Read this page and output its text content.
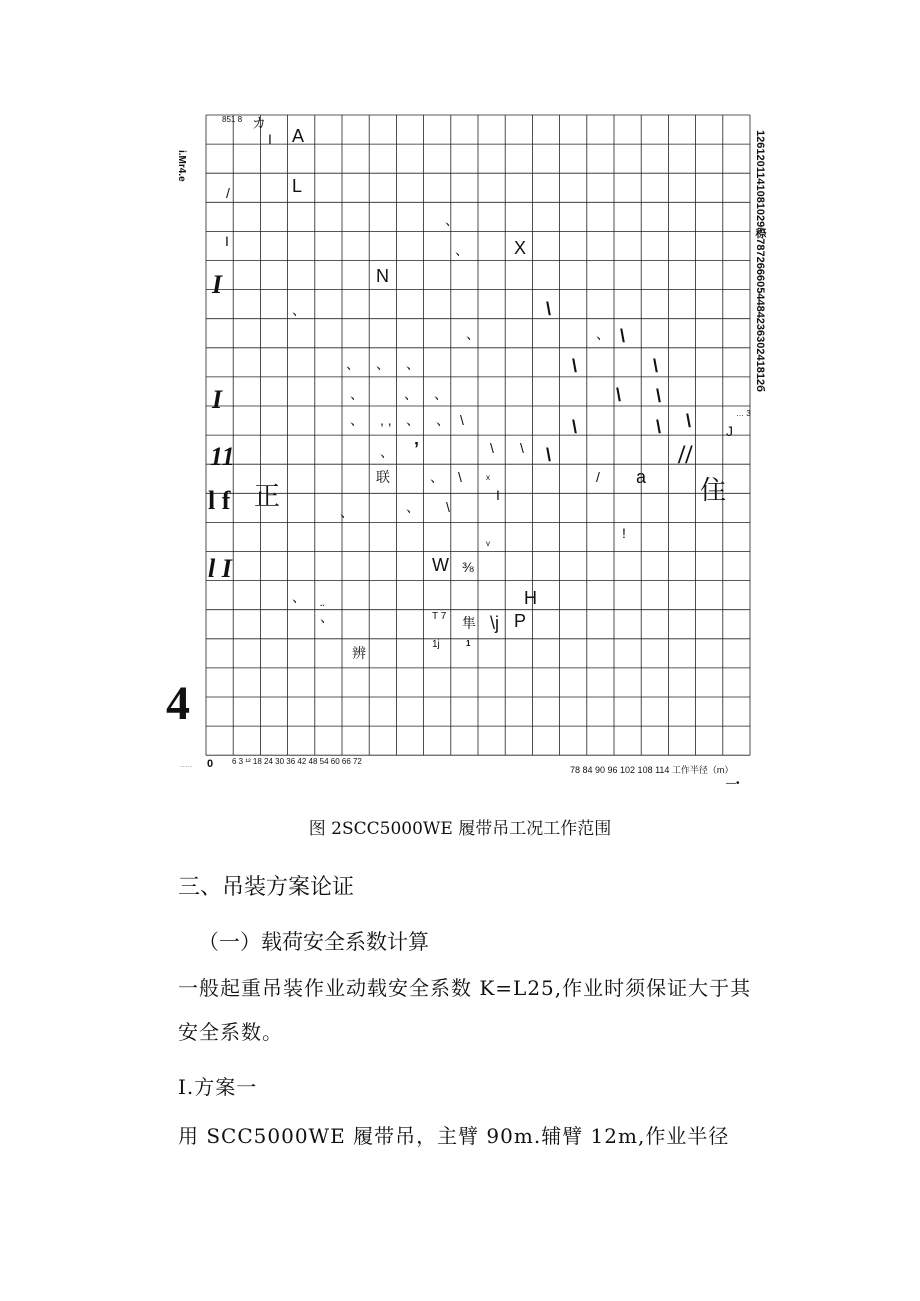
851 8 カ
I A
L
/
I	X
N
\
、
、
、
\
\	\
\
\
\
\
\
\
、 、 、
、	、
、	、 、
、 , , 、 、 \
\ \
、 ’
联	、 \
I
、 \
、
x
v
/ a
//
住
!
J
… 3
I
I
11
l f 正
l I
4
W ⅜
H
\j P
隼
1
T 7
1j
辨
、 ..
、
1261201141081029穄787266605448423630241812б
i.Mr4.e
..... 0 6 3 ¹² 18 24 30 36 42 48 54 60 66 72
78 84 90 96 102 108 114 工作半径（m）
—•
图 2SCC5000WE 履带吊工况工作范围
三、吊装方案论证
（一）载荷安全系数计算
一般起重吊装作业动载安全系数 K=L25,作业时须保证大于其
安全系数。
I.方案一
用 SCC5000WE 履带吊，主臂 90m.辅臂 12m,作业半径
